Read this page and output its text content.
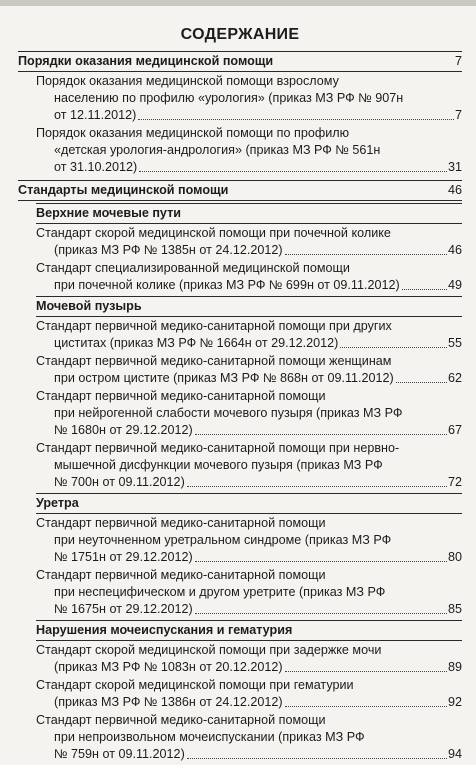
СОДЕРЖАНИЕ
Порядки оказания медицинской помощи	7
Порядок оказания медицинской помощи взрослому
населению по профилю «урология» (приказ МЗ РФ № 907н
от 12.11.2012)	7
Порядок оказания медицинской помощи по профилю
«детская урология-андрология» (приказ МЗ РФ № 561н
от 31.10.2012)	31
Стандарты медицинской помощи	46
Верхние мочевые пути
Стандарт скорой медицинской помощи при почечной колике
(приказ МЗ РФ № 1385н от 24.12.2012)	46
Стандарт специализированной медицинской помощи
при почечной колике (приказ МЗ РФ № 699н от 09.11.2012)	49
Мочевой пузырь
Стандарт первичной медико-санитарной помощи при других
циститах (приказ МЗ РФ № 1664н от 29.12.2012)	55
Стандарт первичной медико-санитарной помощи женщинам
при остром цистите (приказ МЗ РФ № 868н от 09.11.2012)	62
Стандарт первичной медико-санитарной помощи
при нейрогенной слабости мочевого пузыря (приказ МЗ РФ
№ 1680н от 29.12.2012)	67
Стандарт первичной медико-санитарной помощи при нервно-
мышечной дисфункции мочевого пузыря (приказ МЗ РФ
№ 700н от 09.11.2012)	72
Уретра
Стандарт первичной медико-санитарной помощи
при неуточненном уретральном синдроме (приказ МЗ РФ
№ 1751н от 29.12.2012)	80
Стандарт первичной медико-санитарной помощи
при неспецифическом и другом уретрите (приказ МЗ РФ
№ 1675н от 29.12.2012)	85
Нарушения мочеиспускания и гематурия
Стандарт скорой медицинской помощи при задержке мочи
(приказ МЗ РФ № 1083н от 20.12.2012)	89
Стандарт скорой медицинской помощи при гематурии
(приказ МЗ РФ № 1386н от 24.12.2012)	92
Стандарт первичной медико-санитарной помощи
при непроизвольном мочеиспускании (приказ МЗ РФ
№ 759н от 09.11.2012)	94
